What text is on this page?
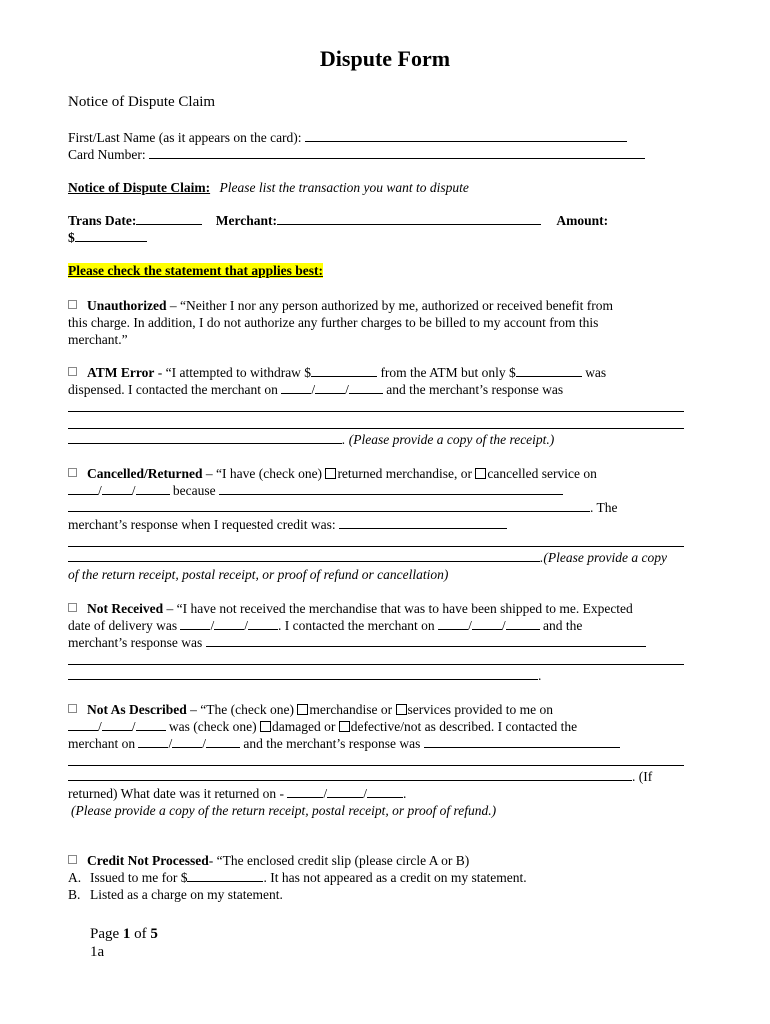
Dispute Form
Notice of Dispute Claim
First/Last Name (as it appears on the card):
Card Number:
Notice of Dispute Claim: Please list the transaction you want to dispute
Trans Date:	Merchant:	Amount:
$
Please check the statement that applies best:
Unauthorized – “Neither I nor any person authorized by me, authorized or received benefit from
this charge. In addition, I do not authorize any further charges to be billed to my account from this
merchant.”
ATM Error - “I attempted to withdraw $	from the ATM but only $	was
dispensed. I contacted the merchant on / /	and the merchant’s response was
. (Please provide a copy of the receipt.)
Cancelled/Returned – “I have (check one) returned merchandise, or cancelled service on
/ /	because
. The
merchant’s response when I requested credit was:
.(Please provide a copy
of the return receipt, postal receipt, or proof of refund or cancellation)
Not Received – “I have not received the merchandise that was to have been shipped to me. Expected
date of delivery was / / . I contacted the merchant on / /	and the
merchant’s response was
.
Not As Described – “The (check one) merchandise or services provided to me on
/ / was (check one) damaged or defective/not as described. I contacted the
merchant on / /	and the merchant’s response was
. (If
returned) What date was it returned on -	/	/	.
(Please provide a copy of the return receipt, postal receipt, or proof of refund.)
Credit Not Processed- “The enclosed credit slip (please circle A or B)
A. Issued to me for $	. It has not appeared as a credit on my statement.
B. Listed as a charge on my statement.
Page 1 of 5
1a
